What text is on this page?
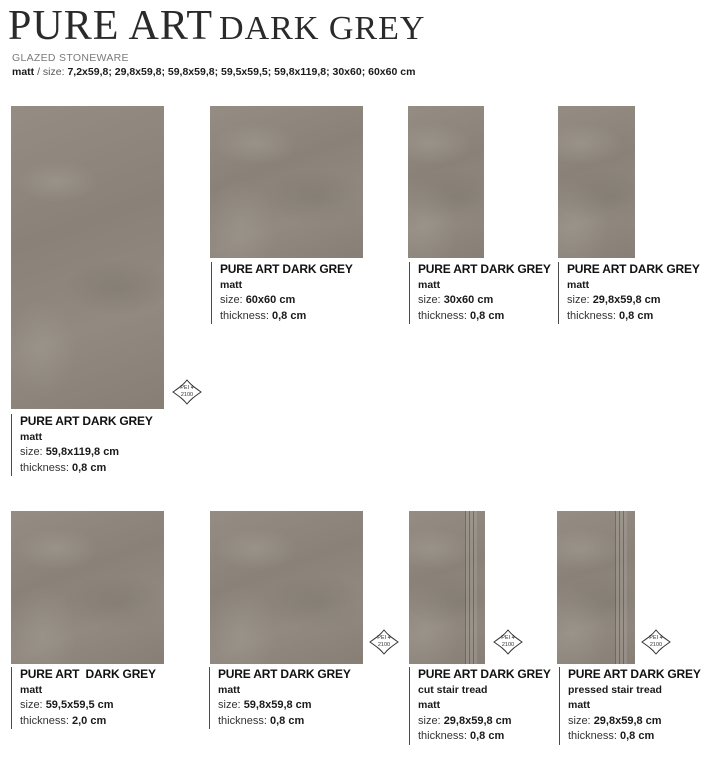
PURE ART DARK GREY
GLAZED STONEWARE
matt / size: 7,2x59,8; 29,8x59,8; 59,8x59,8; 59,5x59,5; 59,8x119,8; 30x60; 60x60 cm
PEI 4
2100
PEI 4
2100
PEI 4
2100
PEI 4
2100
PURE ART DARK GREY
matt
size: 59,8x119,8 cm
thickness: 0,8 cm
PURE ART DARK GREY
matt
size: 60x60 cm
thickness: 0,8 cm
PURE ART DARK GREY
matt
size: 30x60 cm
thickness: 0,8 cm
PURE ART DARK GREY
matt
size: 29,8x59,8 cm
thickness: 0,8 cm
PURE ART  DARK GREY
matt
size: 59,5x59,5 cm
thickness: 2,0 cm
PURE ART DARK GREY
matt
size: 59,8x59,8 cm
thickness: 0,8 cm
PURE ART DARK GREY
cut stair tread
matt
size: 29,8x59,8 cm
thickness: 0,8 cm
PURE ART DARK GREY
pressed stair tread
matt
size: 29,8x59,8 cm
thickness: 0,8 cm
